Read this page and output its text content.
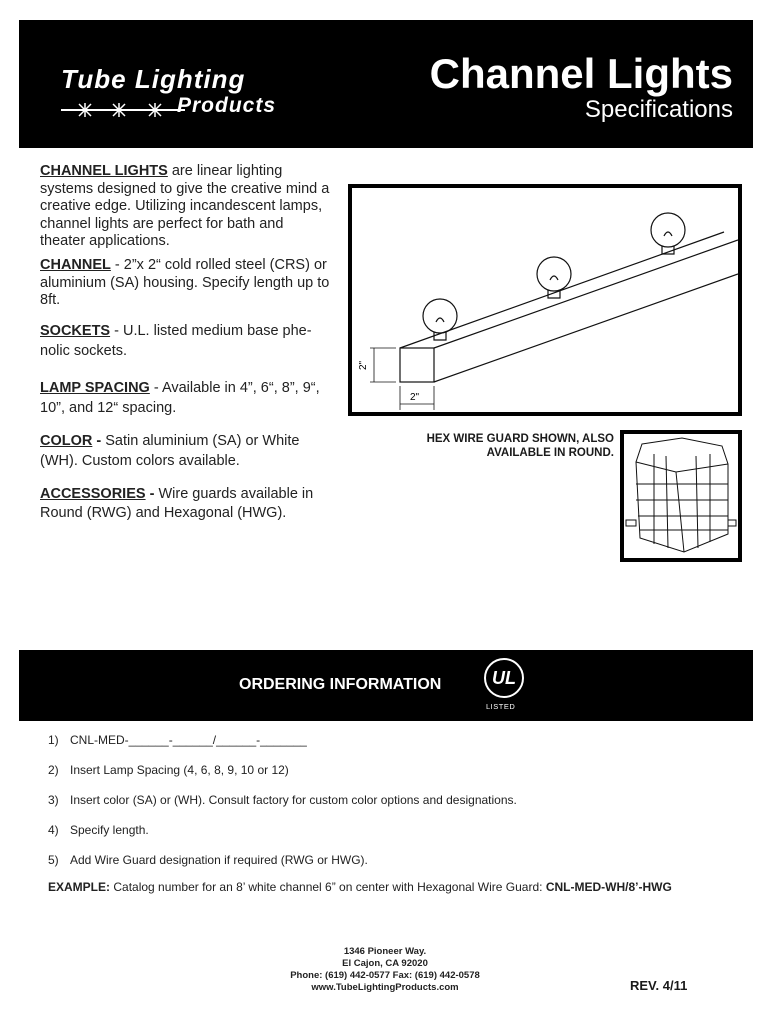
Tube Lighting
Products
Channel Lights
Specifications
CHANNEL LIGHTS are linear lighting systems designed to give the creative mind a creative edge. Utilizing incandescent lamps, channel lights are perfect for bath and theater applications.
CHANNEL - 2”x 2“ cold rolled steel (CRS) or aluminium (SA) housing. Specify length up to 8ft.
SOCKETS - U.L. listed medium base phe- nolic sockets.
LAMP SPACING - Available in 4”, 6“, 8”, 9“, 10”, and 12“ spacing.
COLOR - Satin aluminium (SA) or White (WH). Custom colors available.
ACCESSORIES - Wire guards available in Round (RWG) and Hexagonal (HWG).
2"
2"
HEX WIRE GUARD SHOWN, ALSO
AVAILABLE IN ROUND.
ORDERING INFORMATION	UL
LISTED
1) CNL-MED-______-______/______-_______
2) Insert Lamp Spacing (4, 6, 8, 9, 10 or 12)
3) Insert color (SA) or (WH). Consult factory for custom color options and designations.
4) Specify length.
5) Add Wire Guard designation if required (RWG or HWG).
EXAMPLE: Catalog number for an 8’ white channel 6” on center with Hexagonal Wire Guard: CNL-MED-WH/8’-HWG
1346 Pioneer Way.
El Cajon, CA 92020
Phone: (619) 442-0577 Fax: (619) 442-0578
www.TubeLightingProducts.com	REV. 4/11
